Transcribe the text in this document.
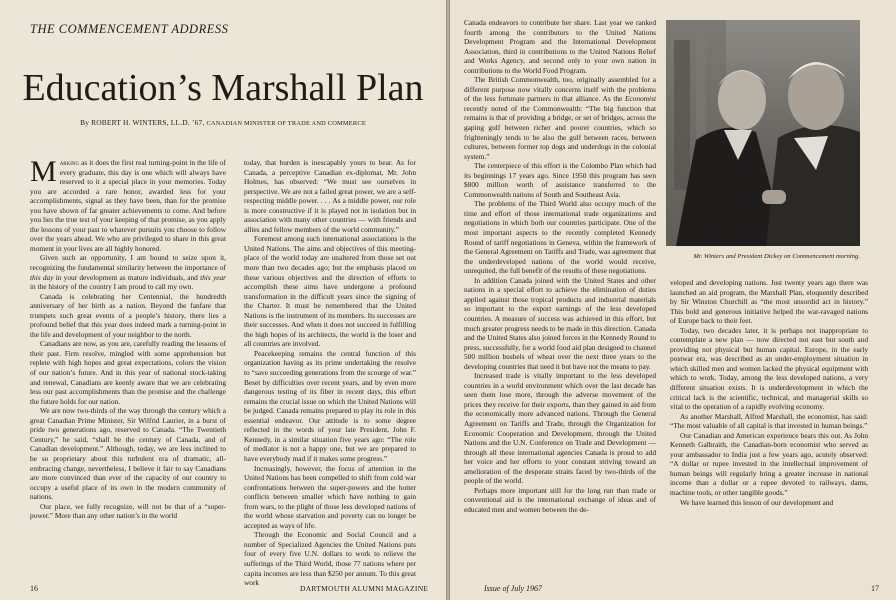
THE COMMENCEMENT ADDRESS
Education’s Marshall Plan
By ROBERT H. WINTERS, LL.D. ’67, CANADIAN MINISTER OF TRADE AND COMMERCE

Marking as it does the first real turning-point in the life of every graduate, this day is one which will always have reserved to it a special place in your memories. Today you are accorded a rare honor, awarded less for your accomplishments, signal as they have been, than for the promise you have shown of far greater achievements to come. And before you lies the true test of your keeping of that promise, as you apply the lessons of your past to whatever pursuits you choose to follow over the years ahead. We who are privileged to share in this great moment in your lives are all highly honored.

Given such an opportunity, I am bound to seize upon it, recognizing the fundamental similarity between the importance of this day in your development as mature individuals, and this year in the history of the country I am proud to call my own.

Canada is celebrating her Centennial, the hundredth anniversary of her birth as a nation. Beyond the fanfare that trumpets such great events of a people’s history, there lies a profound belief that this year does indeed mark a turning-point in the life and development of your neighbor to the north.

Canadians are now, as you are, carefully reading the lessons of their past. Firm resolve, mingled with some apprehension but replete with high hopes and great expectations, colors the vision of our nation’s future. And in this year of national stock-taking and renewal, Canadians are keenly aware that we are celebrating less our past accomplishments than the promise and the challenge the future holds for our nation.

We are now two-thirds of the way through the century which a great Canadian Prime Minister, Sir Wilfrid Laurier, in a burst of pride two generations ago, reserved to Canada. “The Twentieth Century,” he said, “shall be the century of Canada, and of Canadian development.” Although, today, we are less inclined to be so proprietary about this turbulent era of dramatic, all-embracing change, nevertheless, I believe it fair to say Canadians are more convinced than ever of the capacity of our country to occupy a useful place of its own in the modern community of nations.

Our place, we fully recognize, will not be that of a “super-power.” More than any other nation’s in the world

today, that burden is inescapably yours to bear. As for Canada, a perceptive Canadian ex-diplomat, Mr. John Holmes, has observed: “We must see ourselves in perspective. We are not a failed great power, we are a self-respecting middle power. . . . As a middle power, our role is more constructive if it is played not in isolation but in association with many other countries — with friends and allies and fellow members of the world community.”

Foremost among such international associations is the United Nations. The aims and objectives of this meeting-place of the world today are unaltered from those set out more than two decades ago; but the emphasis placed on these various objectives and the direction of efforts to accomplish these aims have undergone a profound transformation in the difficult years since the signing of the Charter. It must be remembered that the United Nations is the instrument of its members. Its successes are their successes. And when it does not succeed in fulfilling the high hopes of its architects, the world is the loser and all countries are involved.

Peacekeeping remains the central function of this organization having as its prime undertaking the resolve to “save succeeding generations from the scourge of war.” Beset by difficulties over recent years, and by even more dangerous testing of its fiber in recent days, this effort remains the crucial issue on which the United Nations will be judged. Canada remains prepared to play its role in this essential endeavor. Our attitude is to some degree reflected in the words of your late President, John F. Kennedy, in a similar situation five years ago: “The role of mediator is not a happy one, but we are prepared to have everybody mad if it makes some progress.”

Increasingly, however, the focus of attention in the United Nations has been compelled to shift from cold war confrontations between the super-powers and the hotter conflicts between smaller which have nothing to gain from wars, to the plight of those less developed nations of the world whose starvation and poverty can no longer be accepted as ways of life.

Through the Economic and Social Council and a number of Specialized Agencies the United Nations puts four of every five U.N. dollars to work to relieve the sufferings of the Third World, those 77 nations where per capita incomes are less than $250 per annum. To this great work

16	DARTMOUTH ALUMNI MAGAZINE

Canada endeavors to contribute her share. Last year we ranked fourth among the contributors to the United Nations Development Program and the International Development Association, third in contributions to the United Nations Relief and Works Agency, and second only to your own nation in contributions to the World Food Program.

The British Commonwealth, too, originally assembled for a different purpose now vitally concerns itself with the problems of the less fortunate partners in that alliance. As the Economist recently noted of the Commonwealth: “The big function that remains is that of providing a bridge, or set of bridges, across the gaping gulf between richer and poorer countries, which so frighteningly tends to be also the gulf between races, between cultures, between former top dogs and underdogs in the colonial system.”

The centerpiece of this effort is the Colombo Plan which had its beginnings 17 years ago. Since 1950 this program has seen $800 million worth of assistance transferred to the Commonwealth nations of South and Southeast Asia.

The problems of the Third World also occupy much of the time and effort of those international trade organizations and negotiations in which both our countries participate. One of the most important aspects to the recently completed Kennedy Round of tariff negotiations in Geneva, within the framework of the General Agreement on Tariffs and Trade, was agreement that the underdeveloped nations of the world would receive, unrequited, the full benefit of the results of these negotiations.

In addition Canada joined with the United States and other nations in a special effort to achieve the elimination of duties applied against those tropical products and industrial materials so important to the export earnings of the less developed countries. A measure of success was achieved in this effort, but much greater progress needs to be made in this direction. Canada and the United States also joined forces in the Kennedy Round to press, successfully, for a world food aid plan designed to channel 500 million bushels of wheat over the next three years to the developing countries that need it but have not the means to pay.

Increased trade is vitally important to the less developed countries in a world environment which over the last decade has seen them lose more, through the adverse movement of the prices they receive for their exports, than they gained in aid from the economically more advanced nations. Through the General Agreement on Tariffs and Trade, through the Organization for Economic Cooperation and Development, through the United Nations and the U.N. Conference on Trade and Development — through all these international agencies Canada is proud to add her voice and her efforts to your constant striving toward an amelioration of the desperate straits faced by two-thirds of the people of the world.

Perhaps more important still for the long run than trade or conventional aid is the international exchange of ideas and of educated men and women between the de-

Mr. Winters and President Dickey on Commencement morning.

veloped and developing nations. Just twenty years ago there was launched an aid program, the Marshall Plan, eloquently described by Sir Winston Churchill as “the most unsordid act in history.” This bold and generous initiative helped the war-ravaged nations of Europe back to their feet.

Today, two decades later, it is perhaps not inappropriate to contemplate a new plan — now directed not east but south and providing not physical but human capital. Europe, in the early postwar era, was described as an under-employment situation in which skilled men and women lacked the physical equipment with which to work. Today, among the less developed nations, a very different situation exists. It is underdevelopment in which the critical lack is the scientific, technical, and managerial skills so vital to the operation of a rapidly evolving economy.

As another Marshall, Alfred Marshall, the economist, has said: “The most valuable of all capital is that invested in human beings.”

Our Canadian and American experience bears this out. As John Kenneth Galbraith, the Canadian-born economist who served as your ambassador to India just a few years ago, acutely observed: “A dollar or rupee invested in the intellectual improvement of human beings will regularly bring a greater increase in national income than a dollar or a rupee devoted to railways, dams, machine tools, or other tangible goods.”

We have learned this lesson of our development and

Issue of July 1967	17
